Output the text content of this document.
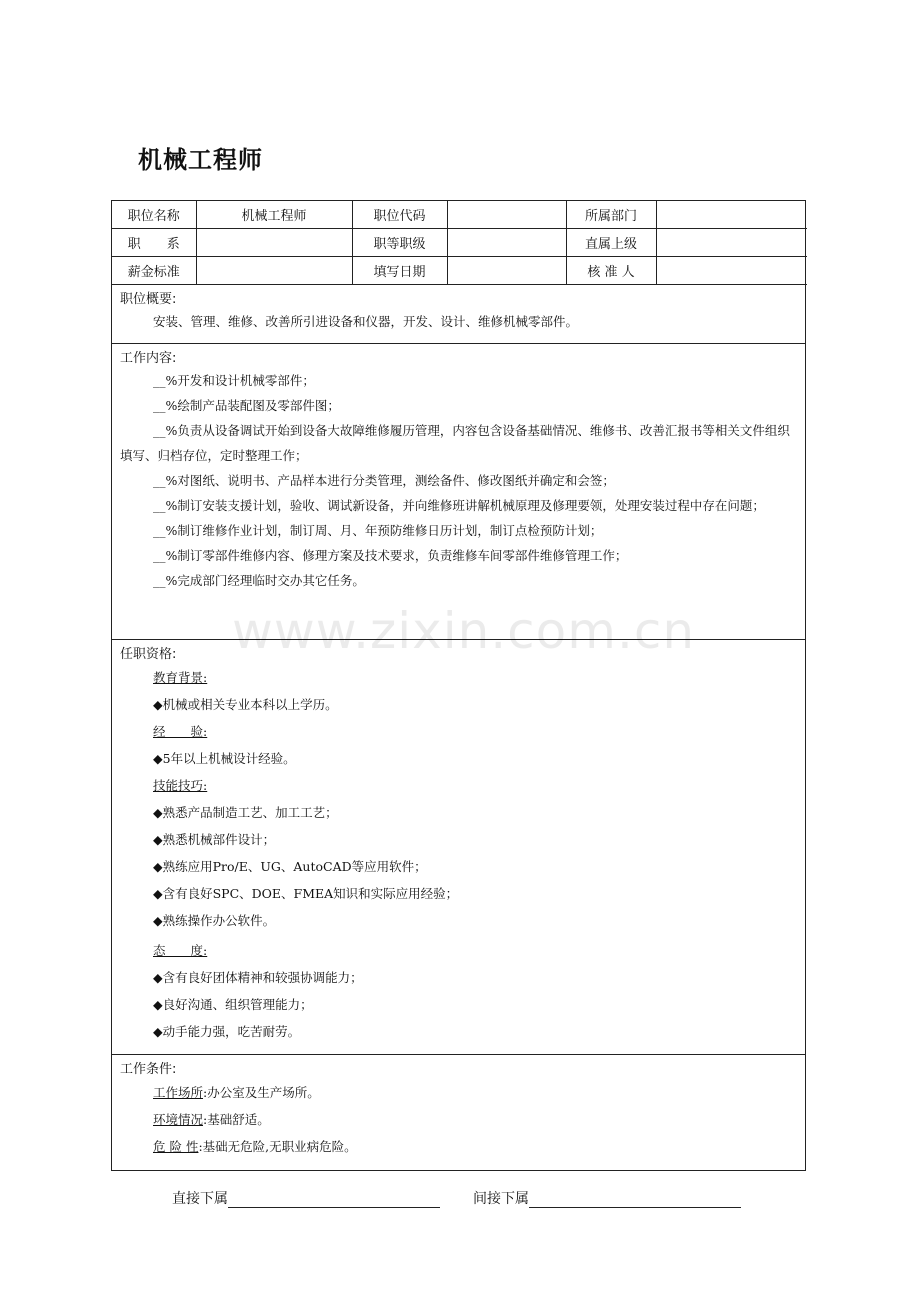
机械工程师
职位名称	机械工程师	职位代码		所属部门	
职　　系		职等职级		直属上级	
薪金标准		填写日期		核 准 人	
职位概要:
安装、管理、维修、改善所引进设备和仪器，开发、设计、维修机械零部件。
工作内容:
__%开发和设计机械零部件；
__%绘制产品装配图及零部件图；
__%负责从设备调试开始到设备大故障维修履历管理，内容包含设备基础情况、维修书、改善汇报书等相关文件组织填写、归档存位，定时整理工作；
__%对图纸、说明书、产品样本进行分类管理，测绘备件、修改图纸并确定和会签；
__%制订安装支援计划，验收、调试新设备，并向维修班讲解机械原理及修理要领，处理安装过程中存在问题；
__%制订维修作业计划，制订周、月、年预防维修日历计划，制订点检预防计划；
__%制订零部件维修内容、修理方案及技术要求，负责维修车间零部件维修管理工作；
__%完成部门经理临时交办其它任务。
任职资格:
教育背景:
◆机械或相关专业本科以上学历。
经　　验:
◆5年以上机械设计经验。
技能技巧:
◆熟悉产品制造工艺、加工工艺；
◆熟悉机械部件设计；
◆熟练应用Pro/E、UG、AutoCAD等应用软件；
◆含有良好SPC、DOE、FMEA知识和实际应用经验；
◆熟练操作办公软件。
态　　度:
◆含有良好团体精神和较强协调能力；
◆良好沟通、组织管理能力；
◆动手能力强，吃苦耐劳。
工作条件:
工作场所:办公室及生产场所。
环境情况:基础舒适。
危 险 性:基础无危险,无职业病危险。
www.zixin.com.cn
直接下属	间接下属
